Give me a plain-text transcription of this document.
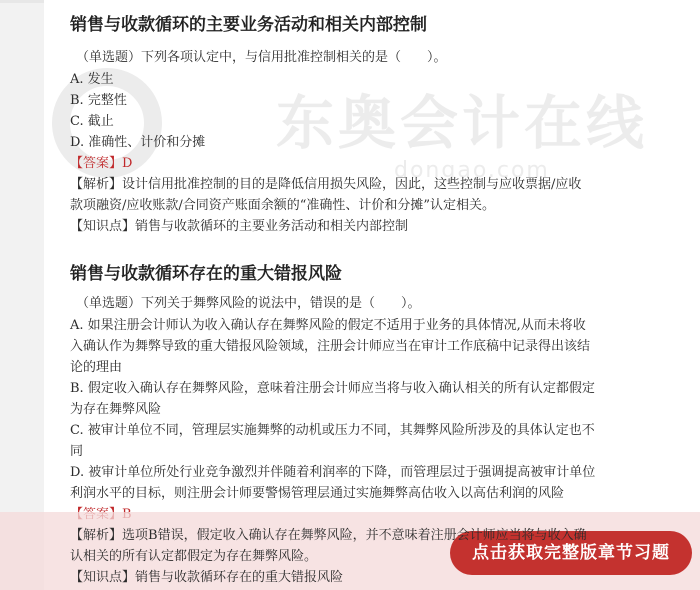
东奥会计在线
dongao.com
销售与收款循环的主要业务活动和相关内部控制
（单选题）下列各项认定中，与信用批准控制相关的是（　　）。
A. 发生
B. 完整性
C. 截止
D. 准确性、计价和分摊
【答案】D
【解析】设计信用批准控制的目的是降低信用损失风险，因此，这些控制与应收票据/应收
款项融资/应收账款/合同资产账面余额的“准确性、计价和分摊”认定相关。
【知识点】销售与收款循环的主要业务活动和相关内部控制
销售与收款循环存在的重大错报风险
（单选题）下列关于舞弊风险的说法中，错误的是（　　）。
A. 如果注册会计师认为收入确认存在舞弊风险的假定不适用于业务的具体情况,从而未将收
入确认作为舞弊导致的重大错报风险领域，注册会计师应当在审计工作底稿中记录得出该结
论的理由
B. 假定收入确认存在舞弊风险，意味着注册会计师应当将与收入确认相关的所有认定都假定
为存在舞弊风险
C. 被审计单位不同，管理层实施舞弊的动机或压力不同，其舞弊风险所涉及的具体认定也不
同
D. 被审计单位所处行业竞争激烈并伴随着利润率的下降，而管理层过于强调提高被审计单位
利润水平的目标，则注册会计师要警惕管理层通过实施舞弊高估收入以高估利润的风险
【解析】选项B错误，假定收入确认存在舞弊风险，并不意味着注册会计师应当将与收入确
认相关的所有认定都假定为存在舞弊风险。
【知识点】销售与收款循环存在的重大错报风险
点击获取完整版章节习题
